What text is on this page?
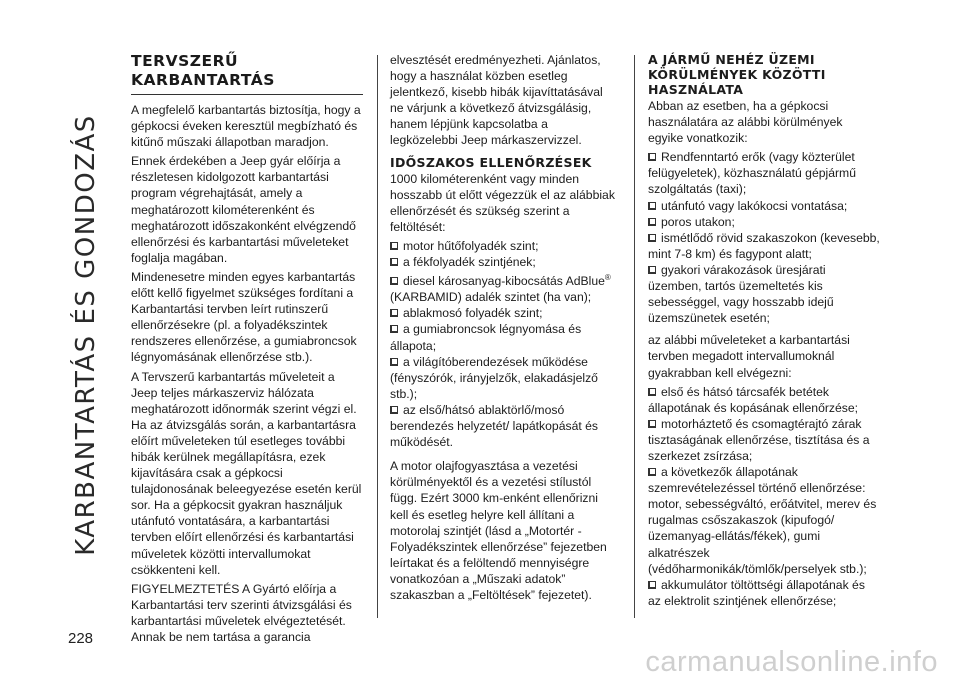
KARBANTARTÁS ÉS GONDOZÁS
TERVSZERŰ KARBANTARTÁS

A megfelelő karbantartás biztosítja, hogy a gépkocsi éveken keresztül megbízható és kitűnő műszaki állapotban maradjon.

Ennek érdekében a Jeep gyár előírja a részletesen kidolgozott karbantartási program végrehajtását, amely a meghatározott kilométerenként és meghatározott időszakonként elvégzendő ellenőrzési és karbantartási műveleteket foglalja magában.

Mindenesetre minden egyes karbantartás előtt kellő figyelmet szükséges fordítani a Karbantartási tervben leírt rutinszerű ellenőrzésekre (pl. a folyadékszintek rendszeres ellenőrzése, a gumiabroncsok légnyomásának ellenőrzése stb.).

A Tervszerű karbantartás műveleteit a Jeep teljes márkaszerviz hálózata meghatározott időnormák szerint végzi el. Ha az átvizsgálás során, a karbantartásra előírt műveleteken túl esetleges további hibák kerülnek megállapításra, ezek kijavítására csak a gépkocsi tulajdonosának beleegyezése esetén kerül sor. Ha a gépkocsit gyakran használjuk utánfutó vontatására, a karbantartási tervben előírt ellenőrzési és karbantartási műveletek közötti intervallumokat csökkenteni kell.

FIGYELMEZTETÉS A Gyártó előírja a Karbantartási terv szerinti átvizsgálási és karbantartási műveletek elvégeztetését. Annak be nem tartása a garancia

elvesztését eredményezheti. Ajánlatos, hogy a használat közben esetleg jelentkező, kisebb hibák kijavíttatásával ne várjunk a következő átvizsgálásig, hanem lépjünk kapcsolatba a legközelebbi Jeep márkaszervizzel.

IDŐSZAKOS ELLENŐRZÉSEK

1000 kilométerenként vagy minden hosszabb út előtt végezzük el az alábbiak ellenőrzését és szükség szerint a feltöltését:

motor hűtőfolyadék szint;
a fékfolyadék szintjének;
diesel károsanyag-kibocsátás AdBlue® (KARBAMID) adalék szintet (ha van);
ablakmosó folyadék szint;
a gumiabroncsok légnyomása és állapota;
a világítóberendezések működése (fényszórók, irányjelzők, elakadásjelző stb.);
az első/hátsó ablaktörlő/mosó berendezés helyzetét/ lapátkopását és működését.

A motor olajfogyasztása a vezetési körülményektől és a vezetési stílustól függ. Ezért 3000 km-enként ellenőrizni kell és esetleg helyre kell állítani a motorolaj szintjét (lásd a „Motortér - Folyadékszintek ellenőrzése” fejezetben leírtakat és a felöltendő mennyiségre vonatkozóan a „Műszaki adatok” szakaszban a „Feltöltések” fejezetet).

A JÁRMŰ NEHÉZ ÜZEMI KÖRÜLMÉNYEK KÖZÖTTI HASZNÁLATA

Abban az esetben, ha a gépkocsi használatára az alábbi körülmények egyike vonatkozik:

Rendfenntartó erők (vagy közterület felügyeletek), közhasználatú gépjármű szolgáltatás (taxi);
utánfutó vagy lakókocsi vontatása;
poros utakon;
ismétlődő rövid szakaszokon (kevesebb, mint 7-8 km) és fagypont alatt;
gyakori várakozások üresjárati üzemben, tartós üzemeltetés kis sebességgel, vagy hosszabb idejű üzemszünetek esetén;

az alábbi műveleteket a karbantartási tervben megadott intervallumoknál gyakrabban kell elvégezni:

első és hátsó tárcsafék betétek állapotának és kopásának ellenőrzése;
motorháztető és csomagtérajtó zárak tisztaságának ellenőrzése, tisztítása és a szerkezet zsírzása;
a következők állapotának szemrevételezéssel történő ellenőrzése: motor, sebességváltó, erőátvitel, merev és rugalmas csőszakaszok (kipufogó/üzemanyag-ellátás/fékek), gumi alkatrészek (védőharmonikák/tömlők/perselyek stb.);
akkumulátor töltöttségi állapotának és az elektrolit szintjének ellenőrzése;
228
carmanualsonline.info
